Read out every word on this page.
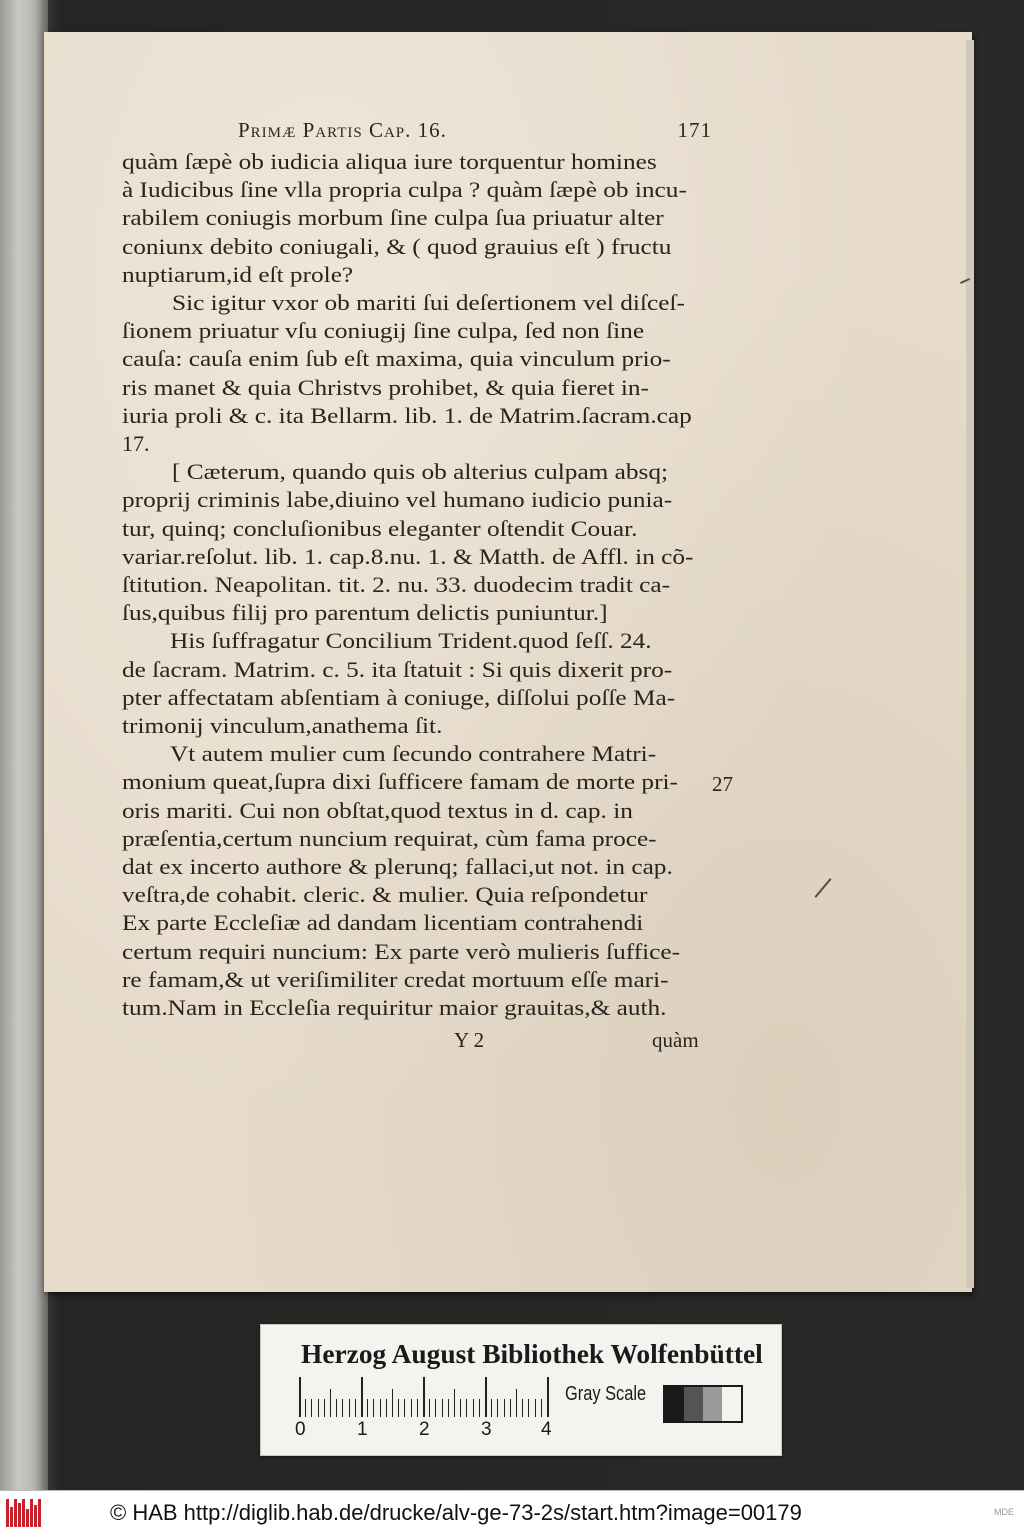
Primæ Partis Cap. 16.	171
quàm ſæpè ob iudicia aliqua iure torquentur homines
à Iudicibus ſine vlla propria culpa ? quàm ſæpè ob incu-
rabilem coniugis morbum ſine culpa ſua priuatur alter
coniunx debito coniugali, & ( quod grauius eſt ) fructu
nuptiarum,id eſt prole?
Sic igitur vxor ob mariti ſui deſertionem vel diſceſ-
ſionem priuatur vſu coniugij ſine culpa, ſed non ſine
cauſa: cauſa enim ſub eſt maxima, quia vinculum prio-
ris manet & quia Christvs prohibet, & quia fieret in-
iuria proli & c. ita Bellarm. lib. 1. de Matrim.ſacram.cap
17.
[ Cæterum, quando quis ob alterius culpam absq;
proprij criminis labe,diuino vel humano iudicio punia-
tur, quinq; concluſionibus eleganter oſtendit Couar.
variar.reſolut. lib. 1. cap.8.nu. 1. & Matth. de Affl. in cõ-
ſtitution. Neapolitan. tit. 2. nu. 33. duodecim tradit ca-
ſus,quibus filij pro parentum delictis puniuntur.]
His ſuffragatur Concilium Trident.quod ſeſſ. 24.
de ſacram. Matrim. c. 5. ita ſtatuit : Si quis dixerit pro-
pter affectatam abſentiam à coniuge, diſſolui poſſe Ma-
trimonij vinculum,anathema ſit.
Vt autem mulier cum ſecundo contrahere Matri-
monium queat,ſupra dixi ſufficere famam de morte pri-
oris mariti. Cui non obſtat,quod textus in d. cap. in
præſentia,certum nuncium requirat, cùm fama proce-
dat ex incerto authore & plerunq; fallaci,ut not. in cap.
veſtra,de cohabit. cleric. & mulier. Quia reſpondetur
Ex parte Eccleſiæ ad dandam licentiam contrahendi
certum requiri nuncium: Ex parte verò mulieris ſuffice-
re famam,& ut veriſimiliter credat mortuum eſſe mari-
tum.Nam in Eccleſia requiritur maior grauitas,& auth.
27
Y 2	quàm
Herzog August Bibliothek Wolfenbüttel
0	1	2	3	4
Gray Scale
© HAB http://diglib.hab.de/drucke/alv-ge-73-2s/start.htm?image=00179	MDE
